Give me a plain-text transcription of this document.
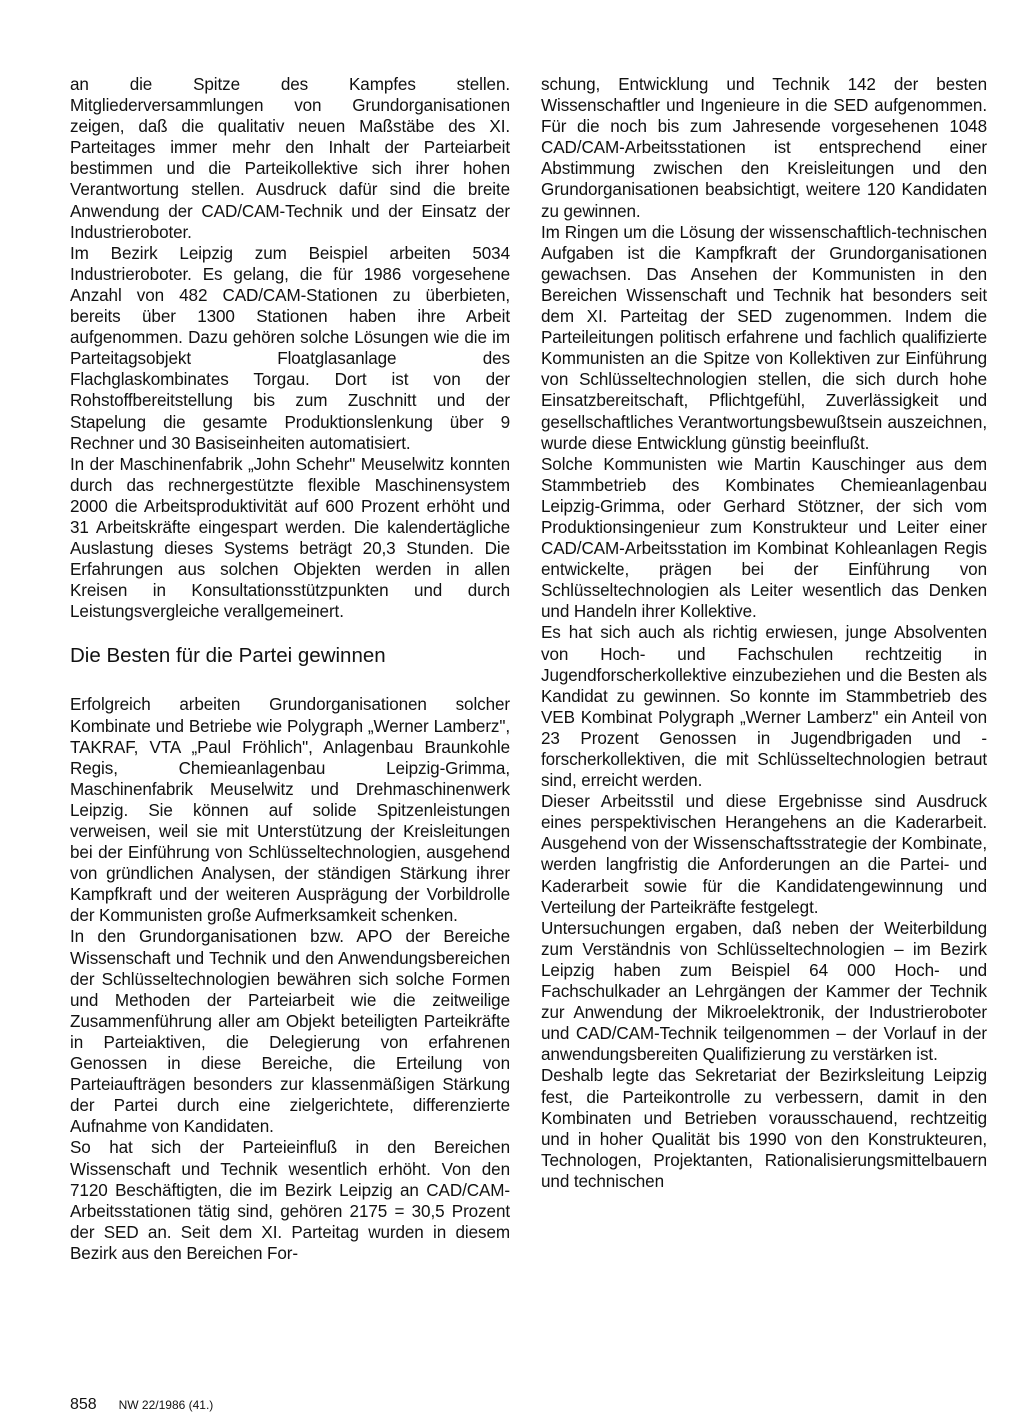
an die Spitze des Kampfes stellen. Mitgliederversammlungen von Grundorganisationen zeigen, daß die qualitativ neuen Maßstäbe des XI. Parteitages immer mehr den Inhalt der Parteiarbeit bestimmen und die Parteikollektive sich ihrer hohen Verantwortung stellen. Ausdruck dafür sind die breite Anwendung der CAD/CAM-Technik und der Einsatz der Industrieroboter.

Im Bezirk Leipzig zum Beispiel arbeiten 5034 Industrieroboter. Es gelang, die für 1986 vorgesehene Anzahl von 482 CAD/CAM-Stationen zu überbieten, bereits über 1300 Stationen haben ihre Arbeit aufgenommen. Dazu gehören solche Lösungen wie die im Parteitagsobjekt Floatglasanlage des Flachglaskombinates Torgau. Dort ist von der Rohstoffbereitstellung bis zum Zuschnitt und der Stapelung die gesamte Produktionslenkung über 9 Rechner und 30 Basiseinheiten automatisiert.

In der Maschinenfabrik „John Schehr" Meuselwitz konnten durch das rechnergestützte flexible Maschinensystem 2000 die Arbeitsproduktivität auf 600 Prozent erhöht und 31 Arbeitskräfte eingespart werden. Die kalendertägliche Auslastung dieses Systems beträgt 20,3 Stunden. Die Erfahrungen aus solchen Objekten werden in allen Kreisen in Konsultationsstützpunkten und durch Leistungsvergleiche verallgemeinert.

Die Besten für die Partei gewinnen

Erfolgreich arbeiten Grundorganisationen solcher Kombinate und Betriebe wie Polygraph „Werner Lamberz", TAKRAF, VTA „Paul Fröhlich", Anlagenbau Braunkohle Regis, Chemieanlagenbau Leipzig-Grimma, Maschinenfabrik Meuselwitz und Drehmaschinenwerk Leipzig. Sie können auf solide Spitzenleistungen verweisen, weil sie mit Unterstützung der Kreisleitungen bei der Einführung von Schlüsseltechnologien, ausgehend von gründlichen Analysen, der ständigen Stärkung ihrer Kampfkraft und der weiteren Ausprägung der Vorbildrolle der Kommunisten große Aufmerksamkeit schenken.

In den Grundorganisationen bzw. APO der Bereiche Wissenschaft und Technik und den Anwendungsbereichen der Schlüsseltechnologien bewähren sich solche Formen und Methoden der Parteiarbeit wie die zeitweilige Zusammenführung aller am Objekt beteiligten Parteikräfte in Parteiaktiven, die Delegierung von erfahrenen Genossen in diese Bereiche, die Erteilung von Parteiaufträgen besonders zur klassenmäßigen Stärkung der Partei durch eine zielgerichtete, differenzierte Aufnahme von Kandidaten.

So hat sich der Parteieinfluß in den Bereichen Wissenschaft und Technik wesentlich erhöht. Von den 7120 Beschäftigten, die im Bezirk Leipzig an CAD/CAM-Arbeitsstationen tätig sind, gehören 2175 = 30,5 Prozent der SED an. Seit dem XI. Parteitag wurden in diesem Bezirk aus den Bereichen For-

schung, Entwicklung und Technik 142 der besten Wissenschaftler und Ingenieure in die SED aufgenommen. Für die noch bis zum Jahresende vorgesehenen 1048 CAD/CAM-Arbeitsstationen ist entsprechend einer Abstimmung zwischen den Kreisleitungen und den Grundorganisationen beabsichtigt, weitere 120 Kandidaten zu gewinnen.

Im Ringen um die Lösung der wissenschaftlich-technischen Aufgaben ist die Kampfkraft der Grundorganisationen gewachsen. Das Ansehen der Kommunisten in den Bereichen Wissenschaft und Technik hat besonders seit dem XI. Parteitag der SED zugenommen. Indem die Parteileitungen politisch erfahrene und fachlich qualifizierte Kommunisten an die Spitze von Kollektiven zur Einführung von Schlüsseltechnologien stellen, die sich durch hohe Einsatzbereitschaft, Pflichtgefühl, Zuverlässigkeit und gesellschaftliches Verantwortungsbewußtsein auszeichnen, wurde diese Entwicklung günstig beeinflußt.

Solche Kommunisten wie Martin Kauschinger aus dem Stammbetrieb des Kombinates Chemieanlagenbau Leipzig-Grimma, oder Gerhard Stötzner, der sich vom Produktionsingenieur zum Konstrukteur und Leiter einer CAD/CAM-Arbeitsstation im Kombinat Kohleanlagen Regis entwickelte, prägen bei der Einführung von Schlüsseltechnologien als Leiter wesentlich das Denken und Handeln ihrer Kollektive.

Es hat sich auch als richtig erwiesen, junge Absolventen von Hoch- und Fachschulen rechtzeitig in Jugendforscherkollektive einzubeziehen und die Besten als Kandidat zu gewinnen. So konnte im Stammbetrieb des VEB Kombinat Polygraph „Werner Lamberz" ein Anteil von 23 Prozent Genossen in Jugendbrigaden und -forscherkollektiven, die mit Schlüsseltechnologien betraut sind, erreicht werden.

Dieser Arbeitsstil und diese Ergebnisse sind Ausdruck eines perspektivischen Herangehens an die Kaderarbeit. Ausgehend von der Wissenschaftsstrategie der Kombinate, werden langfristig die Anforderungen an die Partei- und Kaderarbeit sowie für die Kandidatengewinnung und Verteilung der Parteikräfte festgelegt.

Untersuchungen ergaben, daß neben der Weiterbildung zum Verständnis von Schlüsseltechnologien – im Bezirk Leipzig haben zum Beispiel 64 000 Hoch- und Fachschulkader an Lehrgängen der Kammer der Technik zur Anwendung der Mikroelektronik, der Industrieroboter und CAD/CAM-Technik teilgenommen – der Vorlauf in der anwendungsbereiten Qualifizierung zu verstärken ist.

Deshalb legte das Sekretariat der Bezirksleitung Leipzig fest, die Parteikontrolle zu verbessern, damit in den Kombinaten und Betrieben vorausschauend, rechtzeitig und in hoher Qualität bis 1990 von den Konstrukteuren, Technologen, Projektanten, Rationalisierungsmittelbauern und technischen

858 NW 22/1986 (41.)
